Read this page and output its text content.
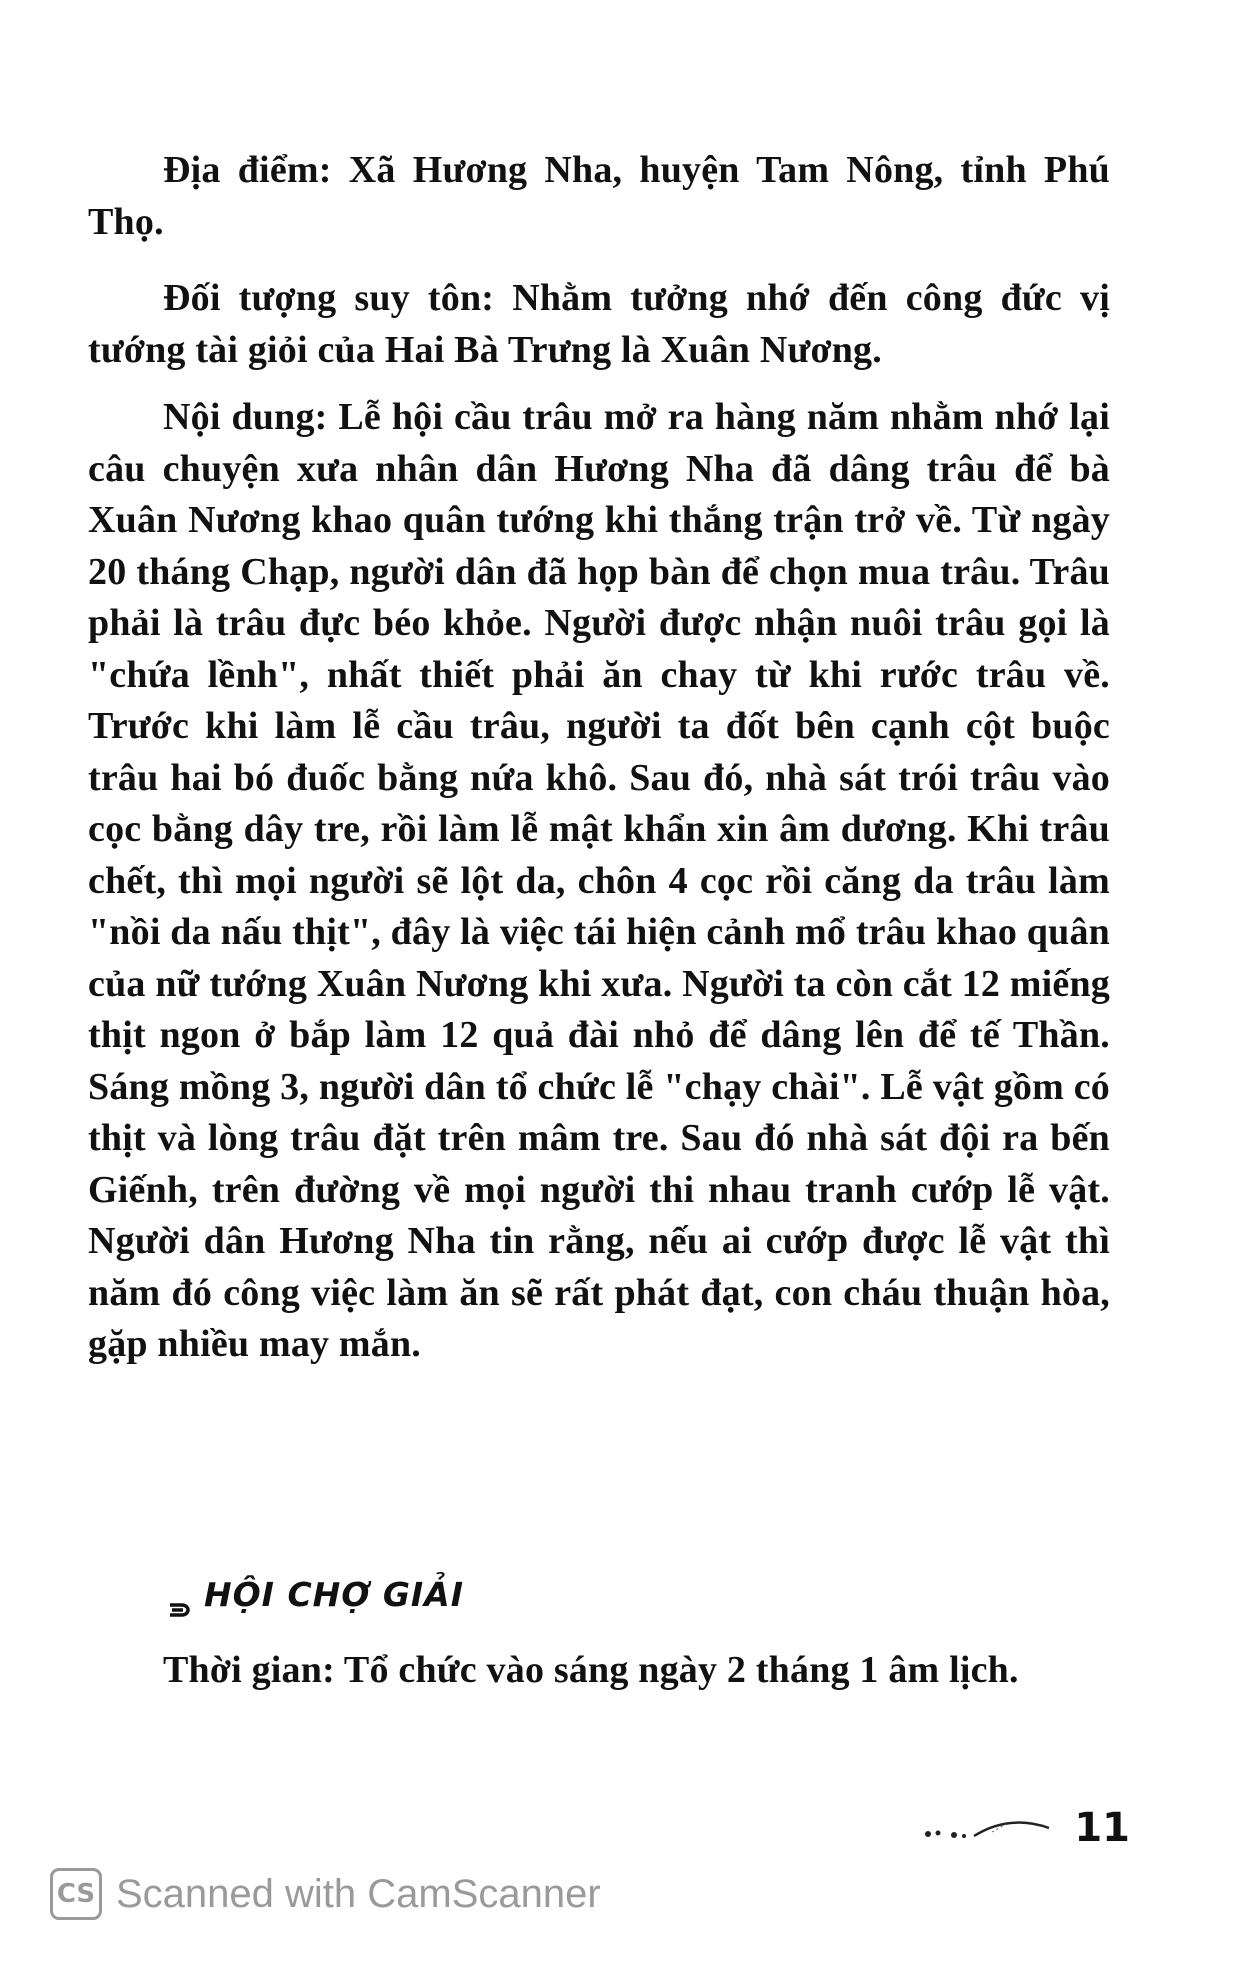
Địa điểm: Xã Hương Nha, huyện Tam Nông, tỉnh Phú Thọ.

Đối tượng suy tôn: Nhằm tưởng nhớ đến công đức vị tướng tài giỏi của Hai Bà Trưng là Xuân Nương.

Nội dung: Lễ hội cầu trâu mở ra hàng năm nhằm nhớ lại câu chuyện xưa nhân dân Hương Nha đã dâng trâu để bà Xuân Nương khao quân tướng khi thắng trận trở về. Từ ngày 20 tháng Chạp, người dân đã họp bàn để chọn mua trâu. Trâu phải là trâu đực béo khỏe. Người được nhận nuôi trâu gọi là "chứa lềnh", nhất thiết phải ăn chay từ khi rước trâu về. Trước khi làm lễ cầu trâu, người ta đốt bên cạnh cột buộc trâu hai bó đuốc bằng nứa khô. Sau đó, nhà sát trói trâu vào cọc bằng dây tre, rồi làm lễ mật khẩn xin âm dương. Khi trâu chết, thì mọi người sẽ lột da, chôn 4 cọc rồi căng da trâu làm "nồi da nấu thịt", đây là việc tái hiện cảnh mổ trâu khao quân của nữ tướng Xuân Nương khi xưa. Người ta còn cắt 12 miếng thịt ngon ở bắp làm 12 quả đài nhỏ để dâng lên để tế Thần. Sáng mồng 3, người dân tổ chức lễ "chạy chài". Lễ vật gồm có thịt và lòng trâu đặt trên mâm tre. Sau đó nhà sát đội ra bến Giếnh, trên đường về mọi người thi nhau tranh cướp lễ vật. Người dân Hương Nha tin rằng, nếu ai cướp được lễ vật thì năm đó công việc làm ăn sẽ rất phát đạt, con cháu thuận hòa, gặp nhiều may mắn.

HỘI CHỢ GIẢI

Thời gian: Tổ chức vào sáng ngày 2 tháng 1 âm lịch.

11
CS Scanned with CamScanner
